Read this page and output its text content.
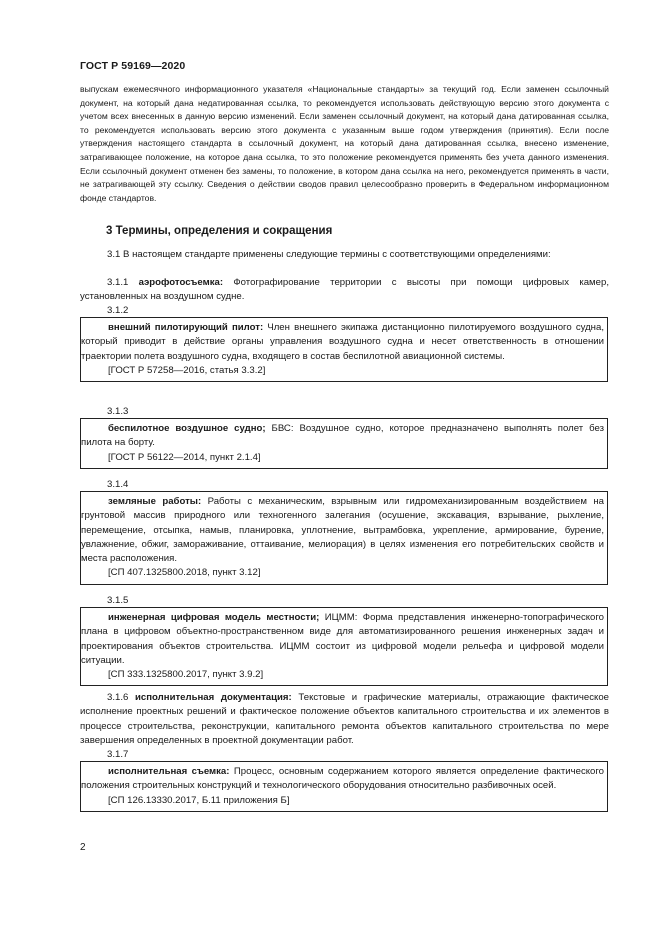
ГОСТ Р 59169—2020
выпускам ежемесячного информационного указателя «Национальные стандарты» за текущий год. Если заменен ссылочный документ, на который дана недатированная ссылка, то рекомендуется использовать действующую версию этого документа с учетом всех внесенных в данную версию изменений. Если заменен ссылочный документ, на который дана датированная ссылка, то рекомендуется использовать версию этого документа с указанным выше годом утверждения (принятия). Если после утверждения настоящего стандарта в ссылочный документ, на который дана датированная ссылка, внесено изменение, затрагивающее положение, на которое дана ссылка, то это положение рекомендуется применять без учета данного изменения. Если ссылочный документ отменен без замены, то положение, в котором дана ссылка на него, рекомендуется применять в части, не затрагивающей эту ссылку. Сведения о действии сводов правил целесообразно проверить в Федеральном информационном фонде стандартов.
3 Термины, определения и сокращения
3.1 В настоящем стандарте применены следующие термины с соответствующими определениями:
3.1.1 аэрофотосъемка: Фотографирование территории с высоты при помощи цифровых камер, установленных на воздушном судне.
3.1.2

внешний пилотирующий пилот: Член внешнего экипажа дистанционно пилотируемого воздушного судна, который приводит в действие органы управления воздушного судна и несет ответственность в отношении траектории полета воздушного судна, входящего в состав беспилотной авиационной системы.

[ГОСТ Р 57258—2016, статья 3.3.2]

3.1.3

беспилотное воздушное судно; БВС: Воздушное судно, которое предназначено выполнять полет без пилота на борту.

[ГОСТ Р 56122—2014, пункт 2.1.4]

3.1.4

земляные работы: Работы с механическим, взрывным или гидромеханизированным воздействием на грунтовой массив природного или техногенного залегания (осушение, экскавация, взрывание, рыхление, перемещение, отсыпка, намыв, планировка, уплотнение, вытрамбовка, укрепление, армирование, бурение, увлажнение, обжиг, замораживание, оттаивание, мелиорация) в целях изменения его потребительских свойств и места расположения.

[СП 407.1325800.2018, пункт 3.12]

3.1.5

инженерная цифровая модель местности; ИЦММ: Форма представления инженерно-топографического плана в цифровом объектно-пространственном виде для автоматизированного решения инженерных задач и проектирования объектов строительства. ИЦММ состоит из цифровой модели рельефа и цифровой модели ситуации.

[СП 333.1325800.2017, пункт 3.9.2]

3.1.6 исполнительная документация: Текстовые и графические материалы, отражающие фактическое исполнение проектных решений и фактическое положение объектов капитального строительства и их элементов в процессе строительства, реконструкции, капитального ремонта объектов капитального строительства по мере завершения определенных в проектной документации работ.
3.1.7

исполнительная съемка: Процесс, основным содержанием которого является определение фактического положения строительных конструкций и технологического оборудования относительно разбивочных осей.

[СП 126.13330.2017, Б.11 приложения Б]

2
